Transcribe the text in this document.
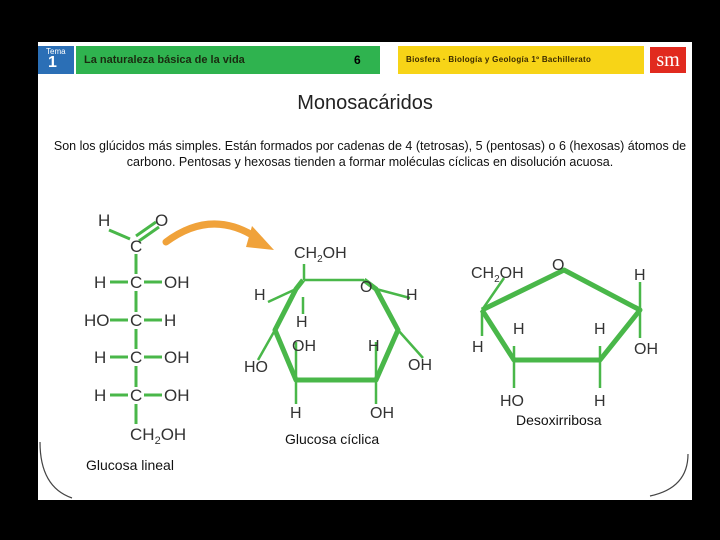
Tema
1 La naturaleza básica de la vida	6	Biosfera · Biología y Geología 1º Bachillerato	sm
Monosacáridos
Son los glúcidos más simples. Están formados por cadenas de 4 (tetrosas), 5 (pentosas) o 6 (hexosas) átomos de carbono. Pentosas y hexosas tienden a formar moléculas cíclicas en disolución acuosa.
H	O
C
H C OH
HO C H
H C OH
H C OH
$CH_2OH$
$CH_2OH$
O
H	H
H
OH	H
HO	OH
H	OH
$CH_2OH$ O
H
H
H	H
OH
HO	H
Glucosa lineal
Glucosa cíclica
Desoxirribosa
